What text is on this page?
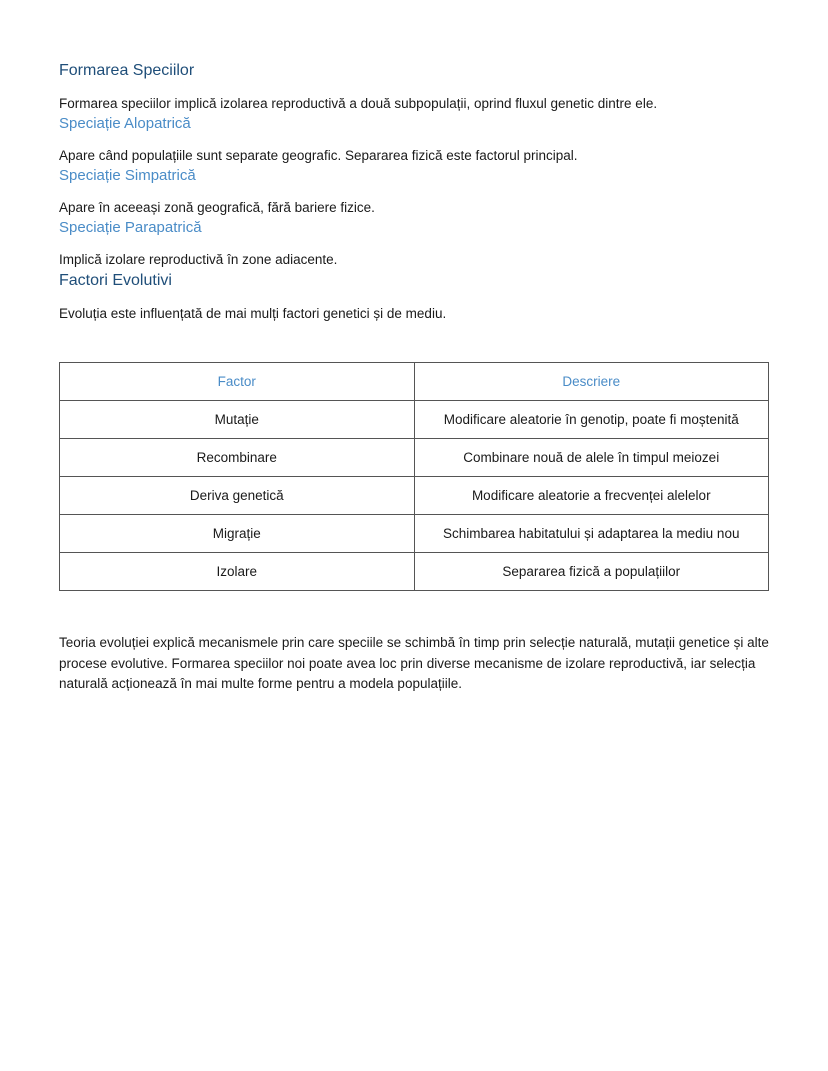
Formarea Speciilor

Formarea speciilor implică izolarea reproductivă a două subpopulații, oprind fluxul genetic dintre ele.

Speciație Alopatrică

Apare când populațiile sunt separate geografic. Separarea fizică este factorul principal.

Speciație Simpatrică

Apare în aceeași zonă geografică, fără bariere fizice.

Speciație Parapatrică

Implică izolare reproductivă în zone adiacente.

Factori Evolutivi

Evoluția este influențată de mai mulți factori genetici și de mediu.

Factor	Descriere
Mutație	Modificare aleatorie în genotip, poate fi moștenită
Recombinare	Combinare nouă de alele în timpul meiozei
Deriva genetică	Modificare aleatorie a frecvenței alelelor
Migrație	Schimbarea habitatului și adaptarea la mediu nou
Izolare	Separarea fizică a populațiilor

Teoria evoluției explică mecanismele prin care speciile se schimbă în timp prin selecție naturală, mutații genetice și alte procese evolutive. Formarea speciilor noi poate avea loc prin diverse mecanisme de izolare reproductivă, iar selecția naturală acționează în mai multe forme pentru a modela populațiile.
